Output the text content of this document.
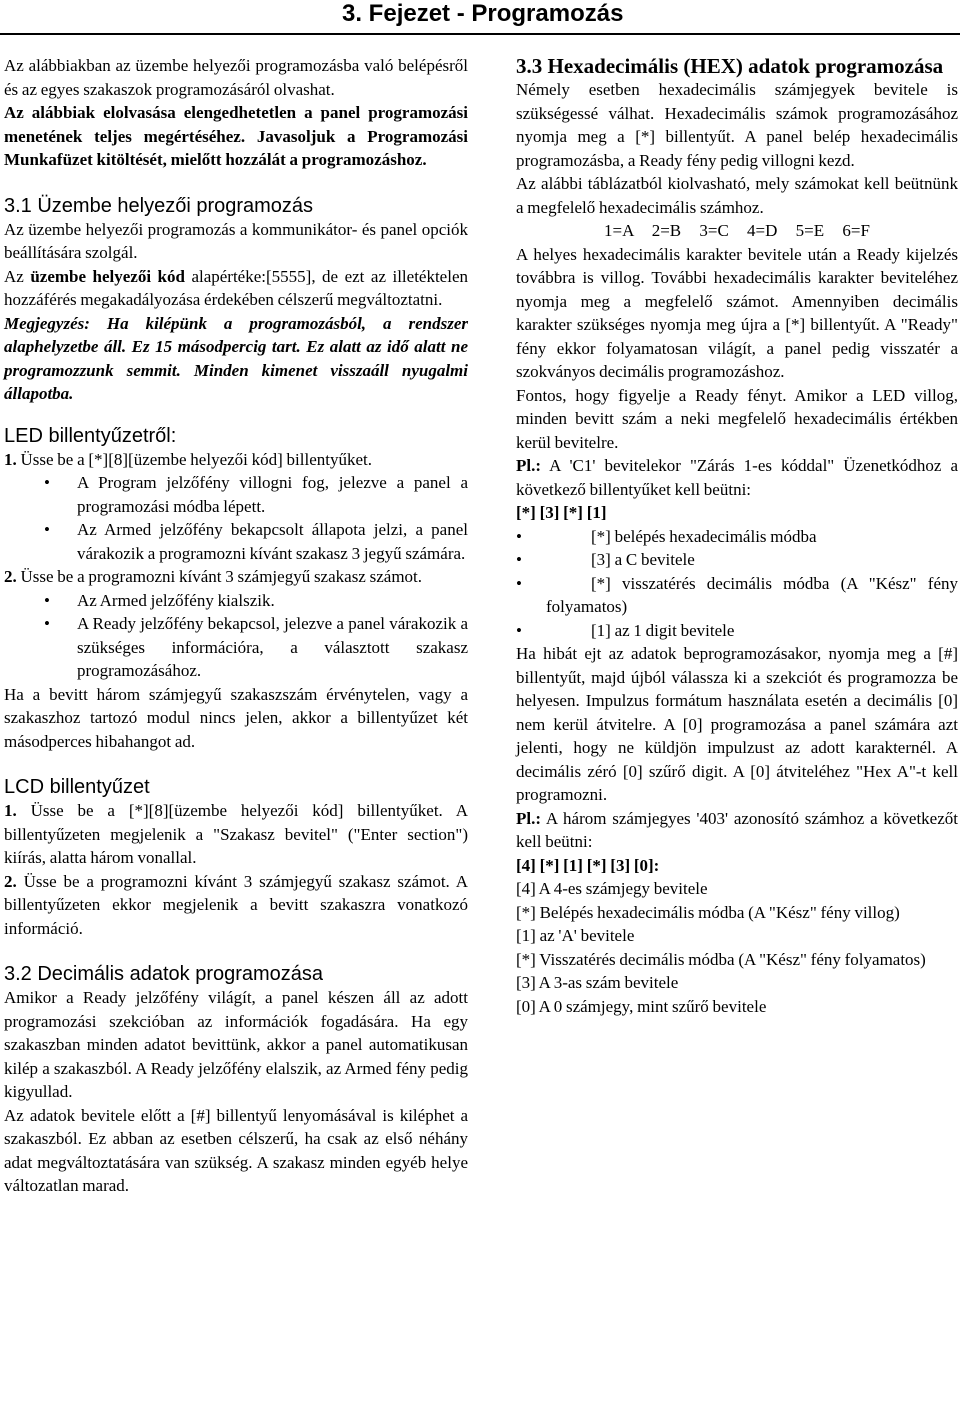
3. Fejezet - Programozás

Az alábbiakban az üzembe helyezői programozásba való belépésről és az egyes szakaszok programozásáról olvashat.

Az alábbiak elolvasása elengedhetetlen a panel programozási menetének teljes megértéséhez. Javasoljuk a Programozási Munkafüzet kitöltését, mielőtt hozzálát a programozáshoz.

3.1 Üzembe helyezői programozás

Az üzembe helyezői programozás a kommunikátor- és panel opciók beállítására szolgál.

Az üzembe helyezői kód alapértéke:[5555], de ezt az illetéktelen hozzáférés megakadályozása érdekében célszerű megváltoztatni.

Megjegyzés: Ha kilépünk a programozásból, a rendszer alaphelyzetbe áll. Ez 15 másodpercig tart. Ez alatt az idő alatt ne programozzunk semmit. Minden kimenet visszaáll nyugalmi állapotba.

LED billentyűzetről:

1. Üsse be a [*][8][üzembe helyezői kód] billentyűket.

• A Program jelzőfény villogni fog, jelezve a panel a programozási módba lépett.
• Az Armed jelzőfény bekapcsolt állapota jelzi, a panel várakozik a programozni kívánt szakasz 3 jegyű számára.

2. Üsse be a programozni kívánt 3 számjegyű szakasz számot.

• Az Armed jelzőfény kialszik.
• A Ready jelzőfény bekapcsol, jelezve a panel várakozik a szükséges információra, a választott szakasz programozásához.

Ha a bevitt három számjegyű szakaszszám érvénytelen, vagy a szakaszhoz tartozó modul nincs jelen, akkor a billentyűzet két másodperces hibahangot ad.

LCD billentyűzet

1. Üsse be a [*][8][üzembe helyezői kód] billentyűket. A billentyűzeten megjelenik a "Szakasz bevitel" ("Enter section") kiírás, alatta három vonallal.

2. Üsse be a programozni kívánt 3 számjegyű szakasz számot. A billentyűzeten ekkor megjelenik a bevitt szakaszra vonatkozó információ.

3.2 Decimális adatok programozása

Amikor a Ready jelzőfény világít, a panel készen áll az adott programozási szekcióban az információk fogadására. Ha egy szakaszban minden adatot bevittünk, akkor a panel automatikusan kilép a szakaszból. A Ready jelzőfény elalszik, az Armed fény pedig kigyullad.

Az adatok bevitele előtt a [#] billentyű lenyomásával is kiléphet a szakaszból. Ez abban az esetben célszerű, ha csak az első néhány adat megváltoztatására van szükség. A szakasz minden egyéb helye változatlan marad.

3.3 Hexadecimális (HEX) adatok programozása

Némely esetben hexadecimális számjegyek bevitele is szükségessé válhat. Hexadecimális számok programozásához nyomja meg a [*] billentyűt. A panel belép hexadecimális programozásba, a Ready fény pedig villogni kezd.

Az alábbi táblázatból kiolvasható, mely számokat kell beütnünk a megfelelő hexadecimális számhoz.

1=A 2=B 3=C 4=D 5=E 6=F

A helyes hexadecimális karakter bevitele után a Ready kijelzés továbbra is villog. További hexadecimális karakter beviteléhez nyomja meg a megfelelő számot. Amennyiben decimális karakter szükséges nyomja meg újra a [*] billentyűt. A "Ready" fény ekkor folyamatosan világít, a panel pedig visszatér a szokványos decimális programozáshoz.

Fontos, hogy figyelje a Ready fényt. Amikor a LED villog, minden bevitt szám a neki megfelelő hexadecimális értékben kerül bevitelre.

Pl.: A 'C1' bevitelekor "Zárás 1-es kóddal" Üzenetkódhoz a következő billentyűket kell beütni:

[*] [3] [*] [1]

•	[*] belépés hexadecimális módba
•	[3] a C bevitele
•	[*] visszatérés decimális módba (A "Kész" fény folyamatos)
•	[1] az 1 digit bevitele

Ha hibát ejt az adatok beprogramozásakor, nyomja meg a [#] billentyűt, majd újból válassza ki a szekciót és programozza be helyesen. Impulzus formátum használata esetén a decimális [0] nem kerül átvitelre. A [0] programozása a panel számára azt jelenti, hogy ne küldjön impulzust az adott karakternél. A decimális zéró [0] szűrő digit. A [0] átviteléhez "Hex A"-t kell programozni.

Pl.: A három számjegyes '403' azonosító számhoz a következőt kell beütni:

[4] [*] [1] [*] [3] [0]:

[4] A 4-es számjegy bevitele

[*] Belépés hexadecimális módba (A "Kész" fény villog)

[1] az 'A' bevitele

[*] Visszatérés decimális módba (A "Kész" fény folyamatos)

[3] A 3-as szám bevitele

[0] A 0 számjegy, mint szűrő bevitele
